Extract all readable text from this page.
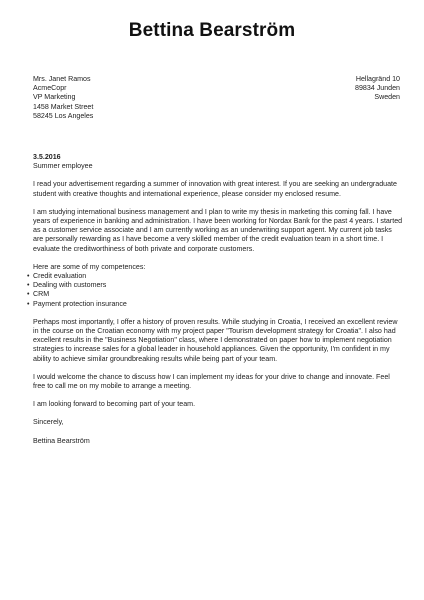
Bettina Bearström
Mrs. Janet Ramos
AcmeCopr
VP Marketing
1458 Market Street
58245 Los Angeles
Hellagränd 10
89834 Junden
Sweden
3.5.2016
Summer employee

I read your advertisement regarding a summer of innovation with great interest. If you are seeking an undergraduate student with creative thoughts and international experience, please consider my enclosed resume.

I am studying international business management and I plan to write my thesis in marketing this coming fall. I have years of experience in banking and administration. I have been working for Nordax Bank for the past 4 years. I started as a customer service associate and I am currently working as an underwriting support agent. My current job tasks are personally rewarding as I have become a very skilled member of the credit evaluation team in a short time. I evaluate the creditworthiness of both private and corporate customers.

Here are some of my competences:
• Credit evaluation
• Dealing with customers
• CRM
• Payment protection insurance

Perhaps most importantly, I offer a history of proven results. While studying in Croatia, I received an excellent review in the course on the Croatian economy with my project paper "Tourism development strategy for Croatia". I also had excellent results in the "Business Negotiation" class, where I demonstrated on paper how to implement negotiation strategies to increase sales for a global leader in household appliances. Given the opportunity, I'm confident in my ability to achieve similar groundbreaking results while being part of your team.

I would welcome the chance to discuss how I can implement my ideas for your drive to change and innovate. Feel free to call me on my mobile to arrange a meeting.

I am looking forward to becoming part of your team.

Sincerely,
Bettina Bearström
